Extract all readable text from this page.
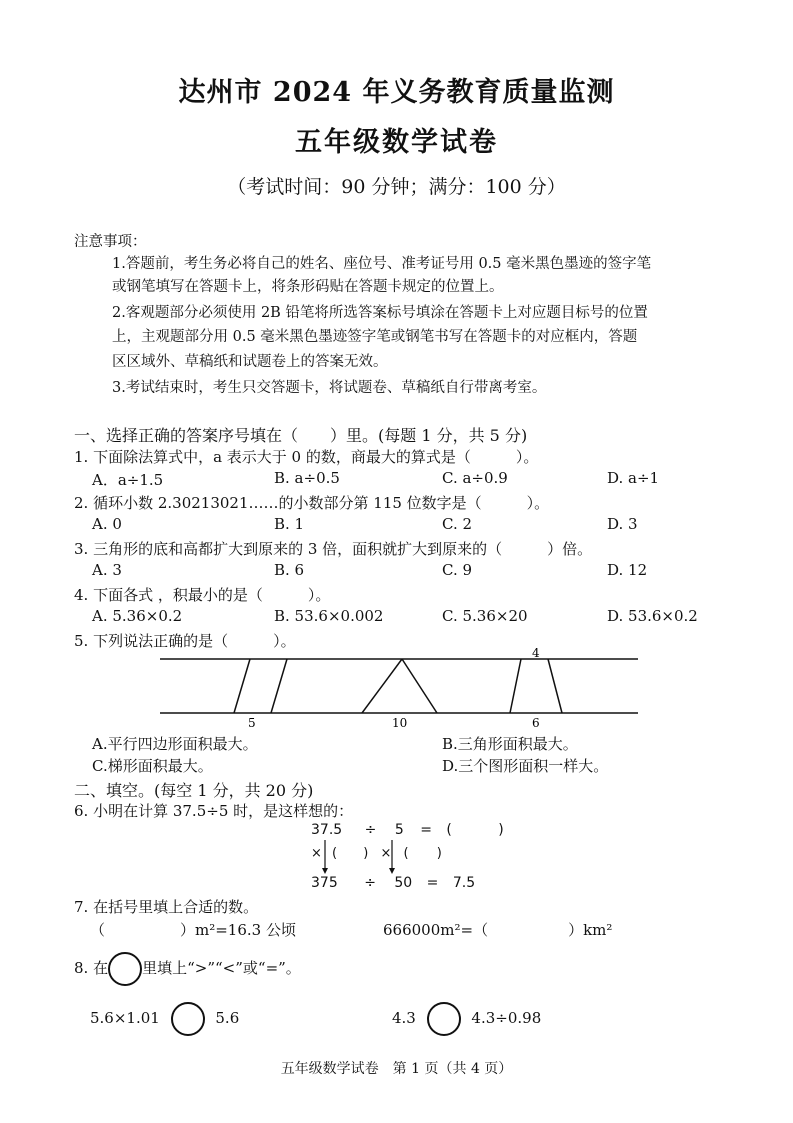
达州市 2024 年义务教育质量监测
五年级数学试卷
（考试时间：90 分钟；满分：100 分）
注意事项：
1.答题前，考生务必将自己的姓名、座位号、准考证号用 0.5 毫米黑色墨迹的签字笔
或钢笔填写在答题卡上，将条形码贴在答题卡规定的位置上。
2.客观题部分必须使用 2B 铅笔将所选答案标号填涂在答题卡上对应题目标号的位置
上，主观题部分用 0.5 毫米黑色墨迹签字笔或钢笔书写在答题卡的对应框内，答题
区区域外、草稿纸和试题卷上的答案无效。
3.考试结束时，考生只交答题卡，将试题卷、草稿纸自行带离考室。
一、选择正确的答案序号填在（　　）里。(每题 1 分，共 5 分)
1. 下面除法算式中，a 表示大于 0 的数，商最大的算式是（　　　）。
A．a÷1.5	B. a÷0.5	C. a÷0.9	D. a÷1
2. 循环小数 2.30213021……的小数部分第 115 位数字是（　　　）。
A. 0	B. 1	C. 2	D. 3
3. 三角形的底和高都扩大到原来的 3 倍，面积就扩大到原来的（　　　）倍。
A. 3	B. 6	C. 9	D. 12
4. 下面各式 ，积最小的是（　　　）。
A. 5.36×0.2	B. 53.6×0.002	C. 5.36×20	D. 53.6×0.2
5. 下列说法正确的是（　　　）。
5	10	6
4
A.平行四边形面积最大。	B.三角形面积最大。
C.梯形面积最大。	D.三个图形面积一样大。
二、填空。(每空 1 分，共 20 分)
6. 小明在计算 37.5÷5 时，是这样想的：
37.5 ÷ 5 = (	)
× ( ) × ( )
375 ÷ 50 = 7.5
7. 在括号里填上合适的数。
（　　　　　）m²=16.3 公顷	666000m²=（	）km²
8. 在 里填上“>”“<”或“=”。
5.6×1.01	5.6	4.3	4.3÷0.98
五年级数学试卷　第 1 页（共 4 页）
